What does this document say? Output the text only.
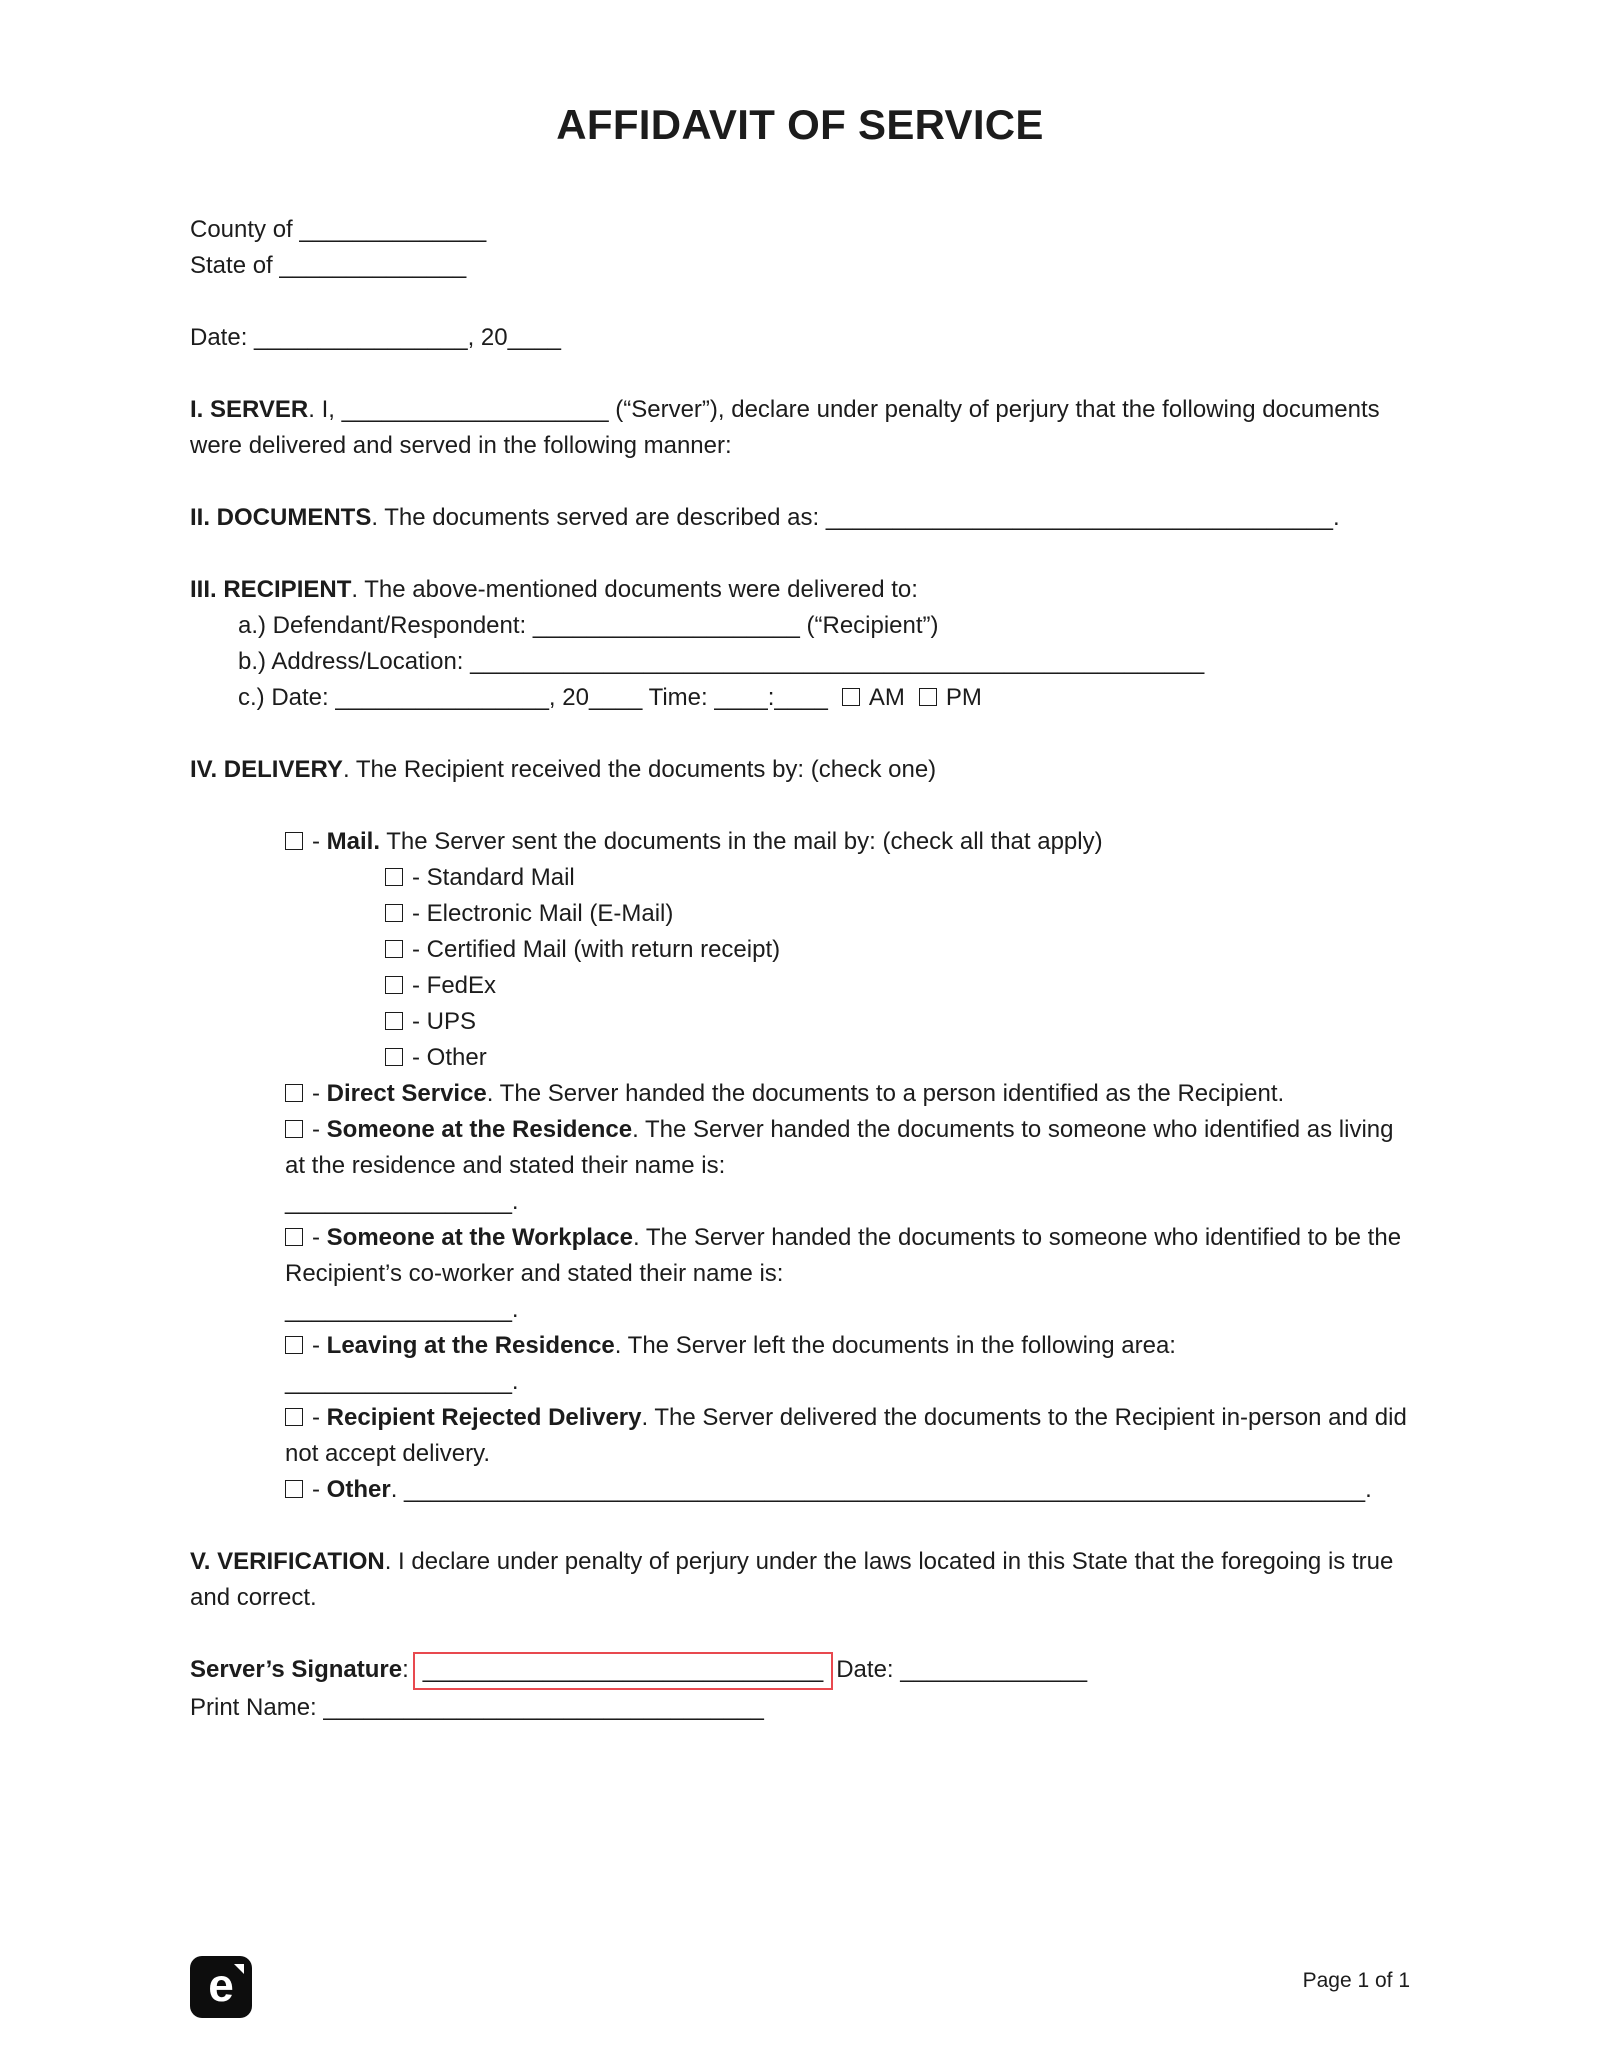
AFFIDAVIT OF SERVICE

County of ______________

State of ______________

Date: ________________, 20____

I. SERVER. I, ____________________ (“Server”), declare under penalty of perjury that the following documents were delivered and served in the following manner:

II. DOCUMENTS. The documents served are described as: ______________________________________.

III. RECIPIENT. The above-mentioned documents were delivered to:

a.) Defendant/Respondent: ____________________ (“Recipient”)

b.) Address/Location: _______________________________________________________

c.) Date: ________________, 20____ Time: ____:____ AM PM

IV. DELIVERY. The Recipient received the documents by: (check one)

- Mail. The Server sent the documents in the mail by: (check all that apply)

- Standard Mail

- Electronic Mail (E-Mail)

- Certified Mail (with return receipt)

- FedEx

- UPS

- Other

- Direct Service. The Server handed the documents to a person identified as the Recipient.

- Someone at the Residence. The Server handed the documents to someone who identified as living at the residence and stated their name is:
_________________.

- Someone at the Workplace. The Server handed the documents to someone who identified to be the Recipient’s co-worker and stated their name is:
_________________.

- Leaving at the Residence. The Server left the documents in the following area: _________________.

- Recipient Rejected Delivery. The Server delivered the documents to the Recipient in-person and did not accept delivery.

- Other. ________________________________________________________________________.

V. VERIFICATION. I declare under penalty of perjury under the laws located in this State that the foregoing is true and correct.

Server’s Signature: ______________________________ Date: ______________

Print Name: _________________________________

e	Page 1 of 1
